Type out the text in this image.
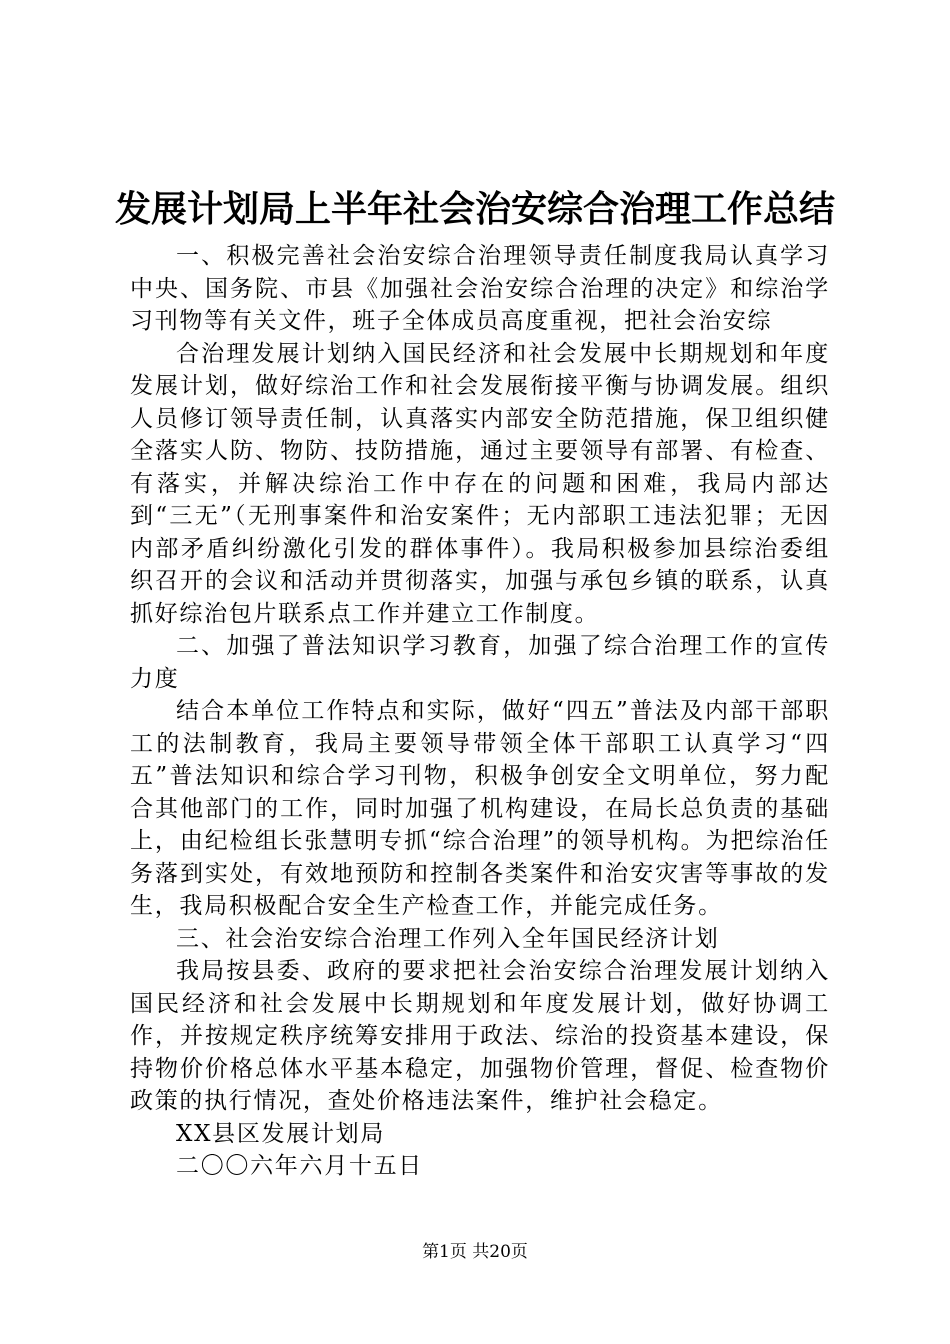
发展计划局上半年社会治安综合治理工作总结

一、积极完善社会治安综合治理领导责任制度我局认真学习中央、国务院、市县《加强社会治安综合治理的决定》和综治学习刊物等有关文件，班子全体成员高度重视，把社会治安综

合治理发展计划纳入国民经济和社会发展中长期规划和年度发展计划，做好综治工作和社会发展衔接平衡与协调发展。组织人员修订领导责任制，认真落实内部安全防范措施，保卫组织健全落实人防、物防、技防措施，通过主要领导有部署、有检查、有落实，并解决综治工作中存在的问题和困难，我局内部达到“三无”（无刑事案件和治安案件；无内部职工违法犯罪；无因内部矛盾纠纷激化引发的群体事件）。我局积极参加县综治委组织召开的会议和活动并贯彻落实，加强与承包乡镇的联系，认真抓好综治包片联系点工作并建立工作制度。

二、加强了普法知识学习教育，加强了综合治理工作的宣传力度

结合本单位工作特点和实际，做好“四五”普法及内部干部职工的法制教育，我局主要领导带领全体干部职工认真学习“四五”普法知识和综合学习刊物，积极争创安全文明单位，努力配合其他部门的工作，同时加强了机构建设，在局长总负责的基础上，由纪检组长张慧明专抓“综合治理”的领导机构。为把综治任务落到实处，有效地预防和控制各类案件和治安灾害等事故的发生，我局积极配合安全生产检查工作，并能完成任务。

三、社会治安综合治理工作列入全年国民经济计划

我局按县委、政府的要求把社会治安综合治理发展计划纳入国民经济和社会发展中长期规划和年度发展计划，做好协调工作，并按规定秩序统筹安排用于政法、综治的投资基本建设，保持物价价格总体水平基本稳定，加强物价管理，督促、检查物价政策的执行情况，查处价格违法案件，维护社会稳定。

XX县区发展计划局

二〇〇六年六月十五日

第1页 共20页
